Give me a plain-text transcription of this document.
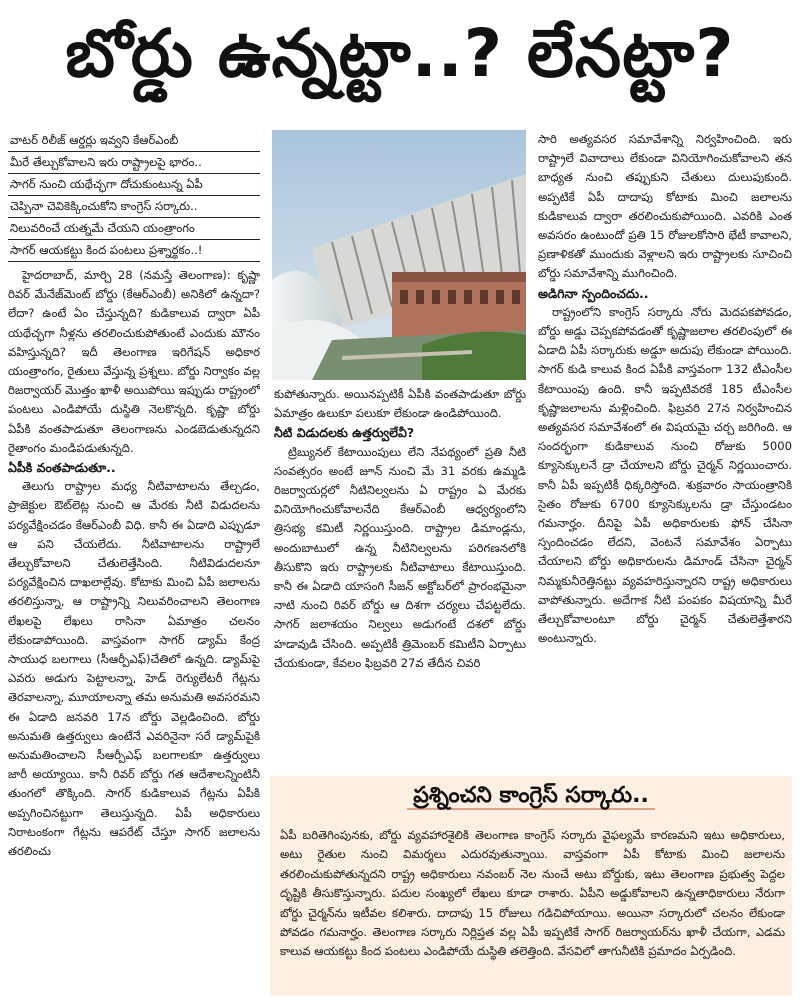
బోర్డు ఉన్నట్టా..? లేనట్టా?
వాటర్ రిలీజ్ ఆర్డర్లు ఇవ్వని కేఆర్ఎంబీ
మీరే తేల్చుకోవాలని ఇరు రాష్ట్రాలపై భారం..
సాగర్ నుంచి యథేచ్ఛగా దోచుకుంటున్న ఏపీ
చెప్పినా చెవికెక్కించుకోని కాంగ్రెస్ సర్కారు..
నిలువరించే యత్నమే చేయని యంత్రాంగం
సాగర్ ఆయకట్టు కింద పంటలు ప్రశ్నార్థకం..!

హైదరాబాద్, మార్చి 28 (నమస్తే తెలంగాణ): కృష్ణా రివర్ మేనేజ్‌మెంట్ బోర్డు (కేఆర్ఎంబీ) అనికిలో ఉన్నదా? లేదా? ఉంటే ఏం చేస్తున్నది? కుడికాలువ ద్వారా ఏపీ యథేచ్ఛగా నీళ్లను తరలించుకుపోతుంటే ఎందుకు మౌనం వహిస్తున్నది? ఇదీ తెలంగాణ ఇరిగేషన్ అధికార యంత్రాంగం, రైతులు వేస్తున్న ప్రశ్నలు. బోర్డు నిర్వాకం వల్ల రిజర్వాయర్ మొత్తం ఖాళీ అయిపోయి ఇప్పుడు రాష్ట్రంలో పంటలు ఎండిపోయే దుస్థితి నెలకొన్నది. కృష్ణా బోర్డు ఏపీకి వంతపాడుతూ తెలంగాణను ఎండబెడుతున్నదని రైతాంగం మండిపడుతున్నది.

ఏపీకి వంతపాడుతూ..

తెలుగు రాష్ట్రాల మధ్య నీటివాటాలను తేల్చడం, ప్రాజెక్టుల ఔట్‌లెట్ల నుంచి ఆ మేరకు నీటి విడుదలను పర్యవేక్షించడం కేఆర్ఎంబీ విధి. కానీ ఈ ఏడాది ఎప్పుడూ ఆ పని చేయలేదు. నీటివాటాలను రాష్ట్రాలే తేల్చుకోవాలని చేతులెత్తేసింది. నీటివిడుదలనూ పర్యవేక్షించిన దాఖలాల్లేవు. కోటాకు మించి ఏపీ జలాలను తరలిస్తున్నా, ఆ రాష్ట్రాన్ని నిలువరించాలని తెలంగాణ లేఖలపై లేఖలు రాసినా ఏమాత్రం చలనం లేకుండాపోయింది. వాస్తవంగా సాగర్ డ్యామ్ కేంద్ర సాయుధ బలగాలు (సీఆర్పీఎఫ్)చేతిలో ఉన్నది. డ్యామ్‌పై ఎవరు అడుగు పెట్టాలన్నా, హెడ్ రెగ్యులేటరీ గేట్లను తెరవాలన్నా, మూయాలన్నా తమ అనుమతి అవసరమని ఈ ఏడాది జనవరి 17న బోర్డు వెల్లడించింది. బోర్డు అనుమతి ఉత్తర్వులు ఉంటేనే ఎవరినైనా సరే డ్యామ్‌పైకి అనుమతించాలని సీఆర్పీఎఫ్ బలగాలకూ ఉత్తర్వులు జారీ అయ్యాయి. కానీ రివర్ బోర్డు గత ఆదేశాలన్నింటినీ తుంగలో తొక్కింది. సాగర్ కుడికాలువ గేట్లను ఏపీకి అప్పగించినట్టుగా తెలుస్తున్నది. ఏపీ అధికారులు నిరాటంకంగా గేట్లను ఆపరేట్ చేస్తూ సాగర్ జలాలను తరలించు

కుపోతున్నారు. అయినప్పటికీ ఏపీకి వంతపాడుతూ బోర్డు ఏమాత్రం ఉలుకూ పలుకూ లేకుండా ఉండిపోయింది.

నీటి విడుదలకు ఉత్తర్వులేవీ?

ట్రిబ్యునల్ కేటాయింపులు లేని నేపథ్యంలో ప్రతి నీటి సంవత్సరం అంటే జూన్ నుంచి మే 31 వరకు ఉమ్మడి రిజర్వాయర్లలో నీటినిల్వలను ఏ రాష్ట్రం ఏ మేరకు వినియోగించుకోవాలనేది కేఆర్ఎంబీ ఆధ్వర్యంలోని త్రిసభ్య కమిటీ నిర్ణయిస్తుంది. రాష్ట్రాల డిమాండ్లను, అందుబాటులో ఉన్న నీటినిల్వలను పరిగణనలోకి తీసుకొని ఇరు రాష్ట్రాలకు నీటివాటాలు కేటాయిస్తుంది. కానీ ఈ ఏడాది యాసంగి సీజన్ అక్టోబర్‌లో ప్రారంభమైనా నాటి నుంచి రివర్ బోర్డు ఆ దిశగా చర్యలు చేపట్టలేదు. సాగర్ జలాశయం నిల్వలు అడుగంటే దశలో బోర్డు హడావుడి చేసింది. అప్పటికీ త్రిమెంబర్ కమిటీని ఏర్పాటు చేయకుండా, కేవలం ఫిబ్రవరి 27వ తేదీన చివరి

సారి అత్యవసర సమావేశాన్ని నిర్వహించింది. ఇరు రాష్ట్రాలే వివాదాలు లేకుండా వినియోగించుకోవాలని తన బాధ్యత నుంచి తప్పుకుని చేతులు దులుపుకుంది. అప్పటికే ఏపీ దాదాపు కోటాకు మించి జలాలను కుడికాలువ ద్వారా తరలించుకుపోయింది. ఎవరికి ఎంత అవసరం ఉంటుందో ప్రతి 15 రోజులకోసారి భేటీ కావాలని, ప్రణాళికతో ముందుకు వెళ్లాలని ఇరు రాష్ట్రాలకు సూచించి బోర్డు సమావేశాన్ని ముగించింది.

అడిగినా స్పందించదు..

రాష్ట్రంలోని కాంగ్రెస్ సర్కారు నోరు మెదపకపోవడం, బోర్డు అడ్డు చెప్పకపోవడంతో కృష్ణాజలాల తరలింపులో ఈ ఏడాది ఏపీ సర్కారుకు అడ్డూ అదుపు లేకుండా పోయింది. సాగర్ కుడి కాలువ కింద ఏపీకి వాస్తవంగా 132 టీఎంసీల కేటాయింపు ఉంది. కానీ ఇప్పటివరకే 185 టీఎంసీల కృష్ణాజలాలను మళ్లించింది. ఫిబ్రవరి 27న నిర్వహించిన అత్యవసర సమావేశంలో ఈ విషయమై చర్చ జరిగింది. ఆ సందర్భంగా కుడికాలువ నుంచి రోజుకు 5000 క్యూసెక్కులనే డ్రా చేయాలని బోర్డు చైర్మన్ నిర్ణయించారు. కానీ ఏపీ ఇప్పటికీ ధిక్కరిస్తోంది. శుక్రవారం సాయంత్రానికి సైతం రోజుకు 6700 క్యూసెక్కులను డ్రా చేస్తుండటం గమనార్హం. దీనిపై ఏపీ అధికారులకు ఫోన్ చేసినా స్పందించడం లేదని, వెంటనే సమావేశం ఏర్పాటు చేయాలని బోర్డు అధికారులను డిమాండ్ చేసినా చైర్మన్ నిమ్మకునీరెత్తినట్టు వ్యవహరిస్తున్నారని రాష్ట్ర అధికారులు వాపోతున్నారు. అదేగాక నీటి పంపకం విషయాన్ని మీరే తేల్చుకోవాలంటూ బోర్డు చైర్మన్ చేతులెత్తేశారని అంటున్నారు.

ప్రశ్నించని కాంగ్రెస్ సర్కారు..
ఏపీ బరితెగింపునకు, బోర్డు వ్యవహారశైలికి తెలంగాణ కాంగ్రెస్ సర్కారు వైఫల్యమే కారణమని ఇటు అధికారులు, అటు రైతుల నుంచి విమర్శలు ఎదురవుతున్నాయి. వాస్తవంగా ఏపీ కోటాకు మించి జలాలను తరలించుకుపోతున్నదని రాష్ట్ర అధికారులు నవంబర్ నెల నుంచే అటు బోర్డుకు, ఇటు తెలంగాణ ప్రభుత్వ పెద్దల దృష్టికి తీసుకొస్తున్నారు. పదుల సంఖ్యలో లేఖలు కూడా రాశారు. ఏపీని అడ్డుకోవాలని ఉన్నతాధికారులు నేరుగా బోర్డు చైర్మన్‌ను ఇటీవల కలిశారు. దాదాపు 15 రోజులు గడిచిపోయాయి. అయినా సర్కారులో చలనం లేకుండా పోవడం గమనార్హం. తెలంగాణ సర్కారు నిర్లిప్తత వల్ల ఏపీ ఇప్పటికే సాగర్ రిజర్వాయర్‌ను ఖాళీ చేయగా, ఎడమ కాలువ ఆయకట్టు కింద పంటలు ఎండిపోయే దుస్థితి తలెత్తింది. వేసవిలో తాగునీటికి ప్రమాదం ఏర్పడింది.
